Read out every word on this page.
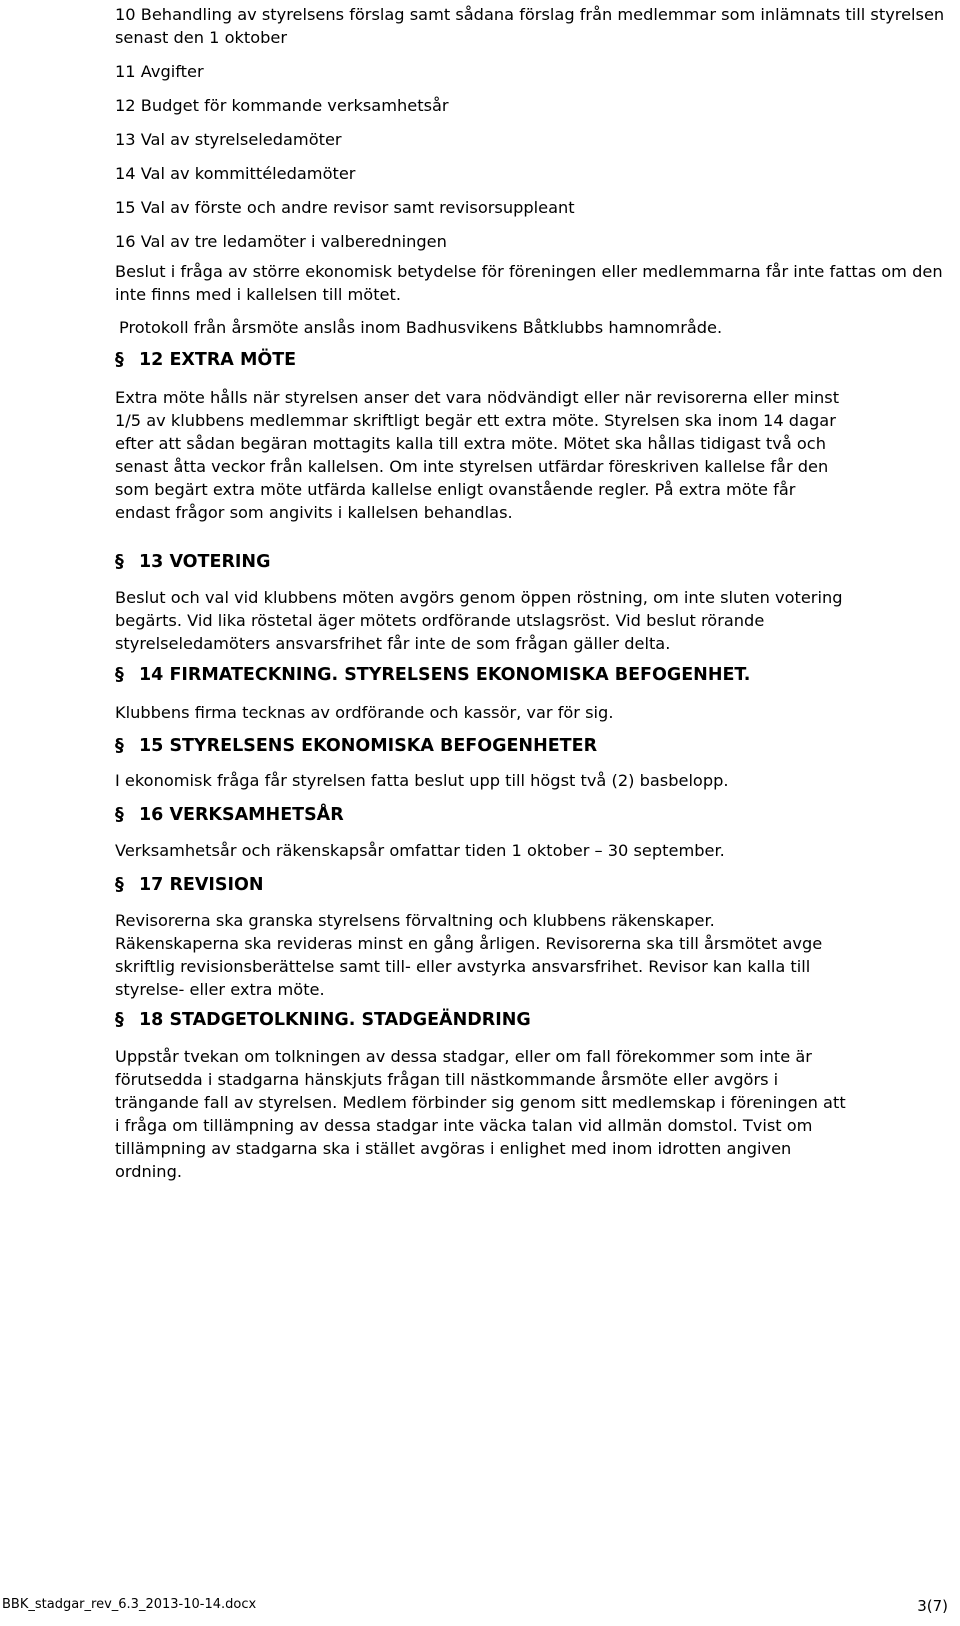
10 Behandling av styrelsens förslag samt sådana förslag från medlemmar som inlämnats till styrelsen senast den 1 oktober
11 Avgifter
12 Budget för kommande verksamhetsår
13 Val av styrelseledamöter
14 Val av kommittéledamöter
15 Val av förste och andre revisor samt revisorsuppleant
16 Val av tre ledamöter i valberedningen
Beslut i fråga av större ekonomisk betydelse för föreningen eller medlemmarna får inte fattas om den inte finns med i kallelsen till mötet.
Protokoll från årsmöte anslås inom Badhusvikens Båtklubbs hamnområde.
§ 12 EXTRA MÖTE
Extra möte hålls när styrelsen anser det vara nödvändigt eller när revisorerna eller minst
1/5 av klubbens medlemmar skriftligt begär ett extra möte. Styrelsen ska inom 14 dagar
efter att sådan begäran mottagits kalla till extra möte. Mötet ska hållas tidigast två och
senast åtta veckor från kallelsen. Om inte styrelsen utfärdar föreskriven kallelse får den
som begärt extra möte utfärda kallelse enligt ovanstående regler. På extra möte får
endast frågor som angivits i kallelsen behandlas.
§ 13 VOTERING
Beslut och val vid klubbens möten avgörs genom öppen röstning, om inte sluten votering
begärts. Vid lika röstetal äger mötets ordförande utslagsröst. Vid beslut rörande
styrelseledamöters ansvarsfrihet får inte de som frågan gäller delta.
§ 14 FIRMATECKNING. STYRELSENS EKONOMISKA BEFOGENHET.
Klubbens firma tecknas av ordförande och kassör, var för sig.
§ 15 STYRELSENS EKONOMISKA BEFOGENHETER
I ekonomisk fråga får styrelsen fatta beslut upp till högst två (2) basbelopp.
§ 16 VERKSAMHETSÅR
Verksamhetsår och räkenskapsår omfattar tiden 1 oktober – 30 september.
§ 17 REVISION
Revisorerna ska granska styrelsens förvaltning och klubbens räkenskaper.
Räkenskaperna ska revideras minst en gång årligen. Revisorerna ska till årsmötet avge
skriftlig revisionsberättelse samt till- eller avstyrka ansvarsfrihet. Revisor kan kalla till
styrelse- eller extra möte.
§ 18 STADGETOLKNING. STADGEÄNDRING
Uppstår tvekan om tolkningen av dessa stadgar, eller om fall förekommer som inte är
förutsedda i stadgarna hänskjuts frågan till nästkommande årsmöte eller avgörs i
trängande fall av styrelsen. Medlem förbinder sig genom sitt medlemskap i föreningen att
i fråga om tillämpning av dessa stadgar inte väcka talan vid allmän domstol. Tvist om
tillämpning av stadgarna ska i stället avgöras i enlighet med inom idrotten angiven
ordning.
BBK_stadgar_rev_6.3_2013-10-14.docx	3(7)
